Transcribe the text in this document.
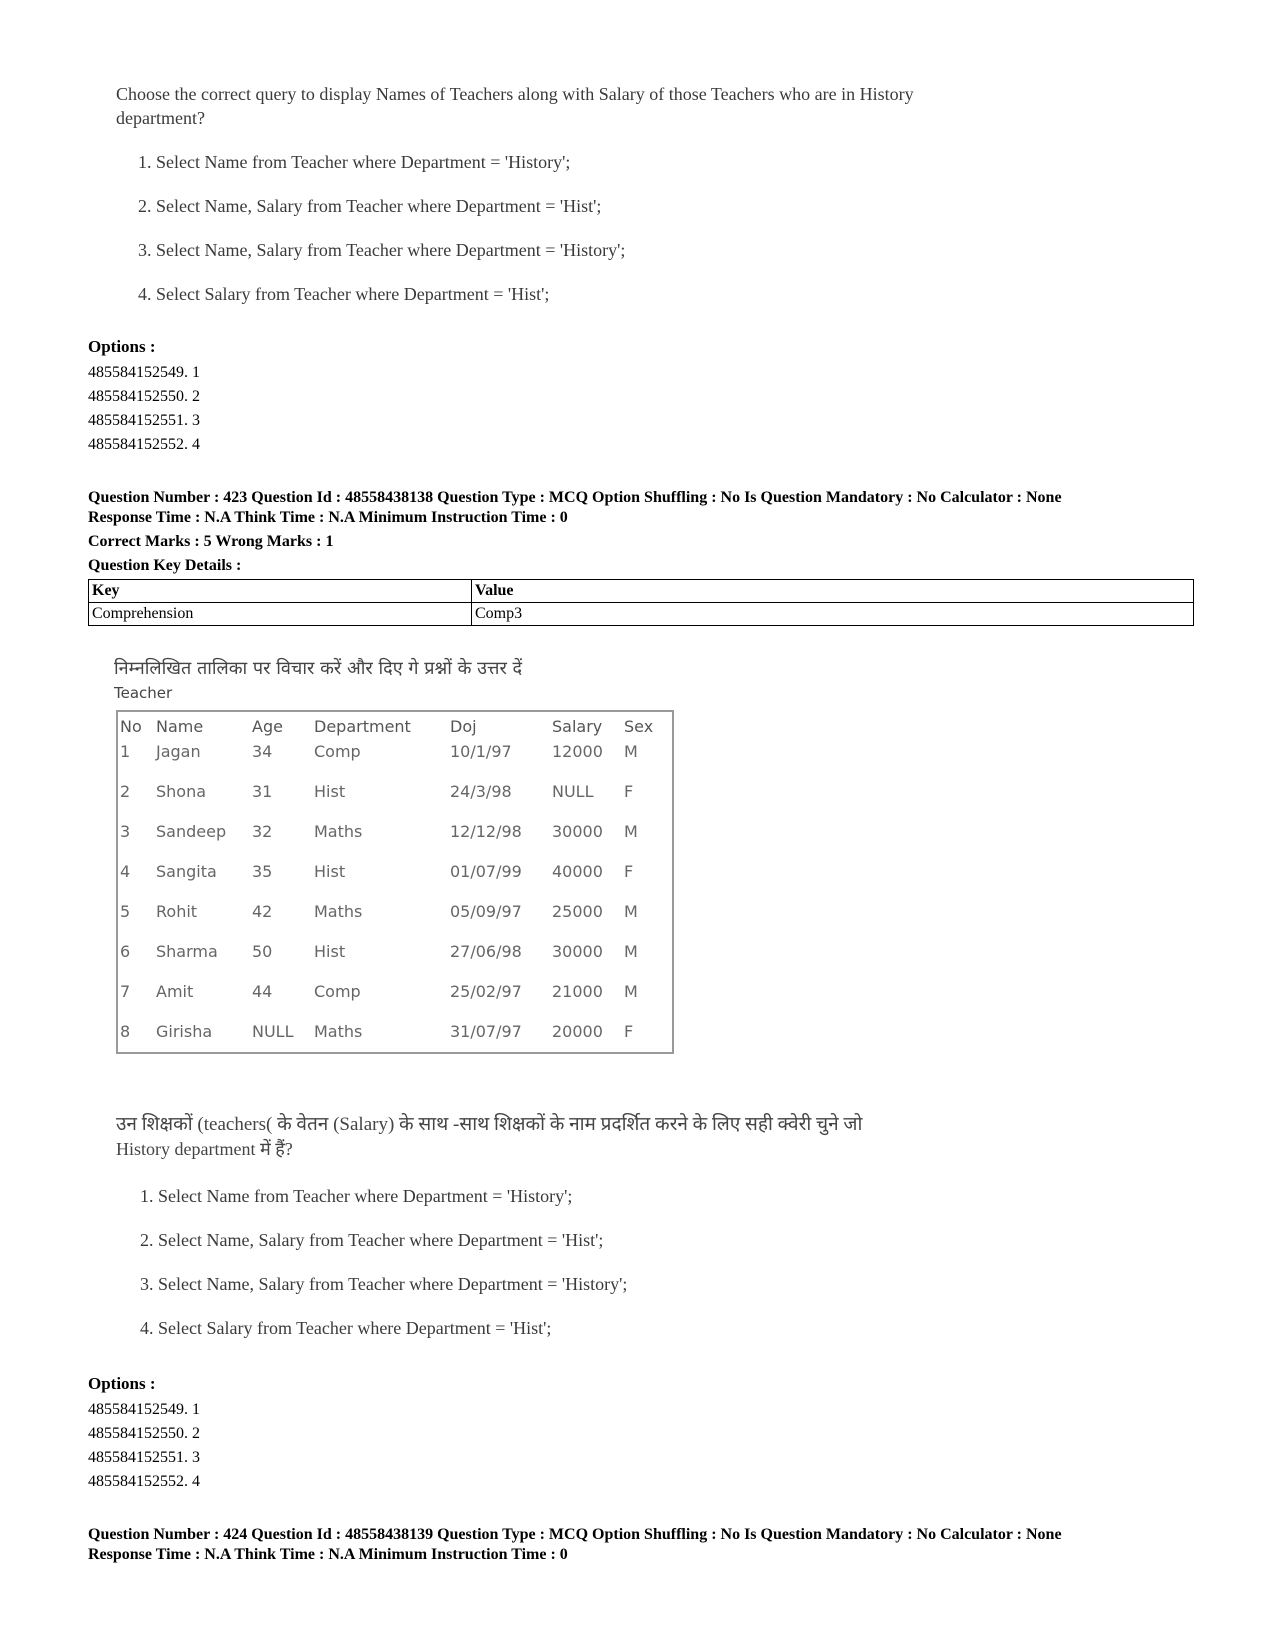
Choose the correct query to display Names of Teachers along with Salary of those Teachers who are in History
department?
1. Select Name from Teacher where Department = 'History';
2. Select Name, Salary from Teacher where Department = 'Hist';
3. Select Name, Salary from Teacher where Department = 'History';
4. Select Salary from Teacher where Department = 'Hist';
Options :
485584152549. 1
485584152550. 2
485584152551. 3
485584152552. 4
Question Number : 423 Question Id : 48558438138 Question Type : MCQ Option Shuffling : No Is Question Mandatory : No Calculator : None
Response Time : N.A Think Time : N.A Minimum Instruction Time : 0
Correct Marks : 5 Wrong Marks : 1
Question Key Details :
Key	Value
Comprehension	Comp3
निम्नलिखित तालिका पर विचार करें और दिए गे प्रश्नों के उत्तर दें
Teacher
No Name	Age Department Doj	Salary Sex
1 Jagan	34	Comp	10/1/97	12000 M
2 Shona	31	Hist	24/3/98	NULL F
3 Sandeep 32	Maths	12/12/98 30000 M
4 Sangita 35	Hist	01/07/99 40000 F
5 Rohit	42	Maths	05/09/97 25000 M
6 Sharma 50	Hist	27/06/98 30000 M
7 Amit	44	Comp	25/02/97 21000 M
8 Girisha NULL Maths	31/07/97 20000 F
उन शिक्षकों (teachers( के वेतन (Salary) के साथ -साथ शिक्षकों के नाम प्रदर्शित करने के लिए सही क्वेरी चुने जो
History department में हैं?
1. Select Name from Teacher where Department = 'History';
2. Select Name, Salary from Teacher where Department = 'Hist';
3. Select Name, Salary from Teacher where Department = 'History';
4. Select Salary from Teacher where Department = 'Hist';
Options :
485584152549. 1
485584152550. 2
485584152551. 3
485584152552. 4
Question Number : 424 Question Id : 48558438139 Question Type : MCQ Option Shuffling : No Is Question Mandatory : No Calculator : None
Response Time : N.A Think Time : N.A Minimum Instruction Time : 0
